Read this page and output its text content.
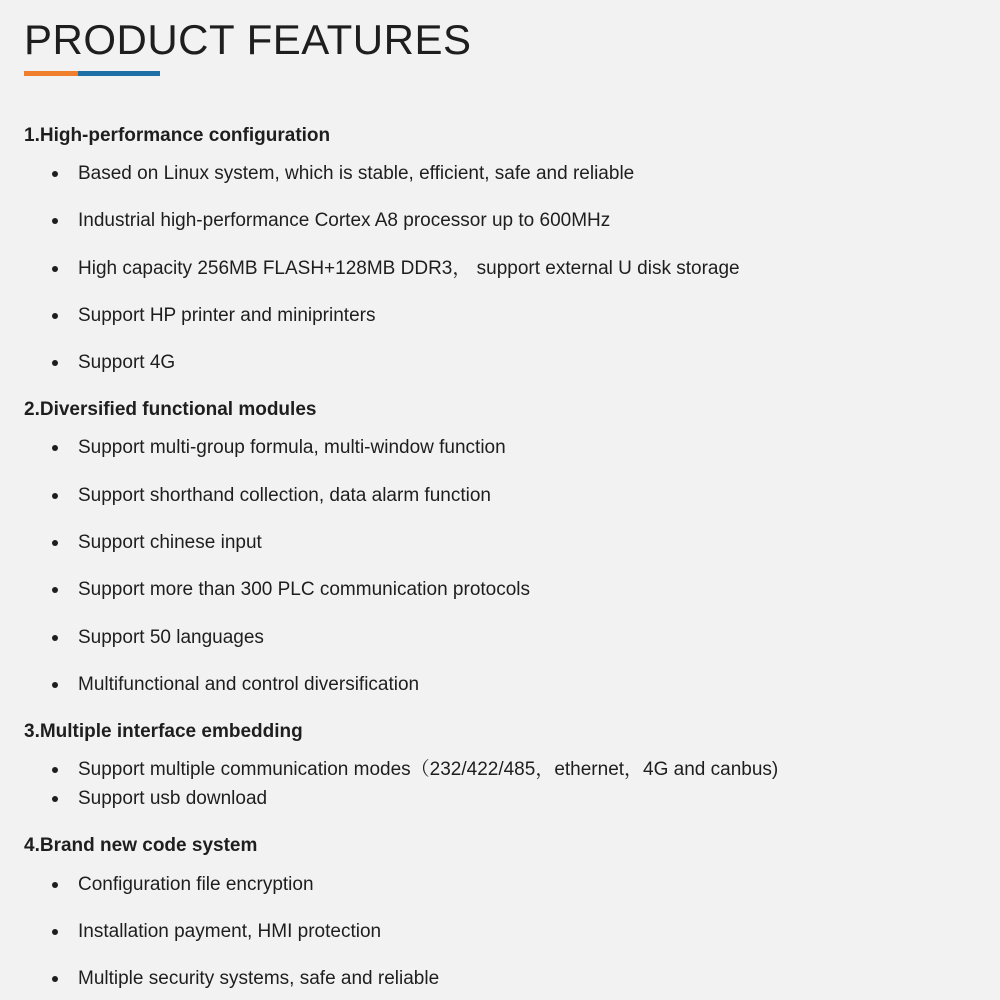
PRODUCT FEATURES
1.High-performance configuration
Based on Linux system, which is stable, efficient, safe and reliable
Industrial high-performance Cortex A8 processor up to 600MHz
High capacity 256MB FLASH+128MB DDR3， support external U disk storage
Support HP printer and miniprinters
Support 4G
2.Diversified functional modules
Support multi-group formula, multi-window function
Support shorthand collection, data alarm function
Support chinese input
Support more than 300 PLC communication protocols
Support 50 languages
Multifunctional and control diversification
3.Multiple interface embedding
Support multiple communication modes（232/422/485，ethernet，4G and canbus)
Support usb download
4.Brand new code system
Configuration file encryption
Installation payment, HMI protection
Multiple security systems, safe and reliable
